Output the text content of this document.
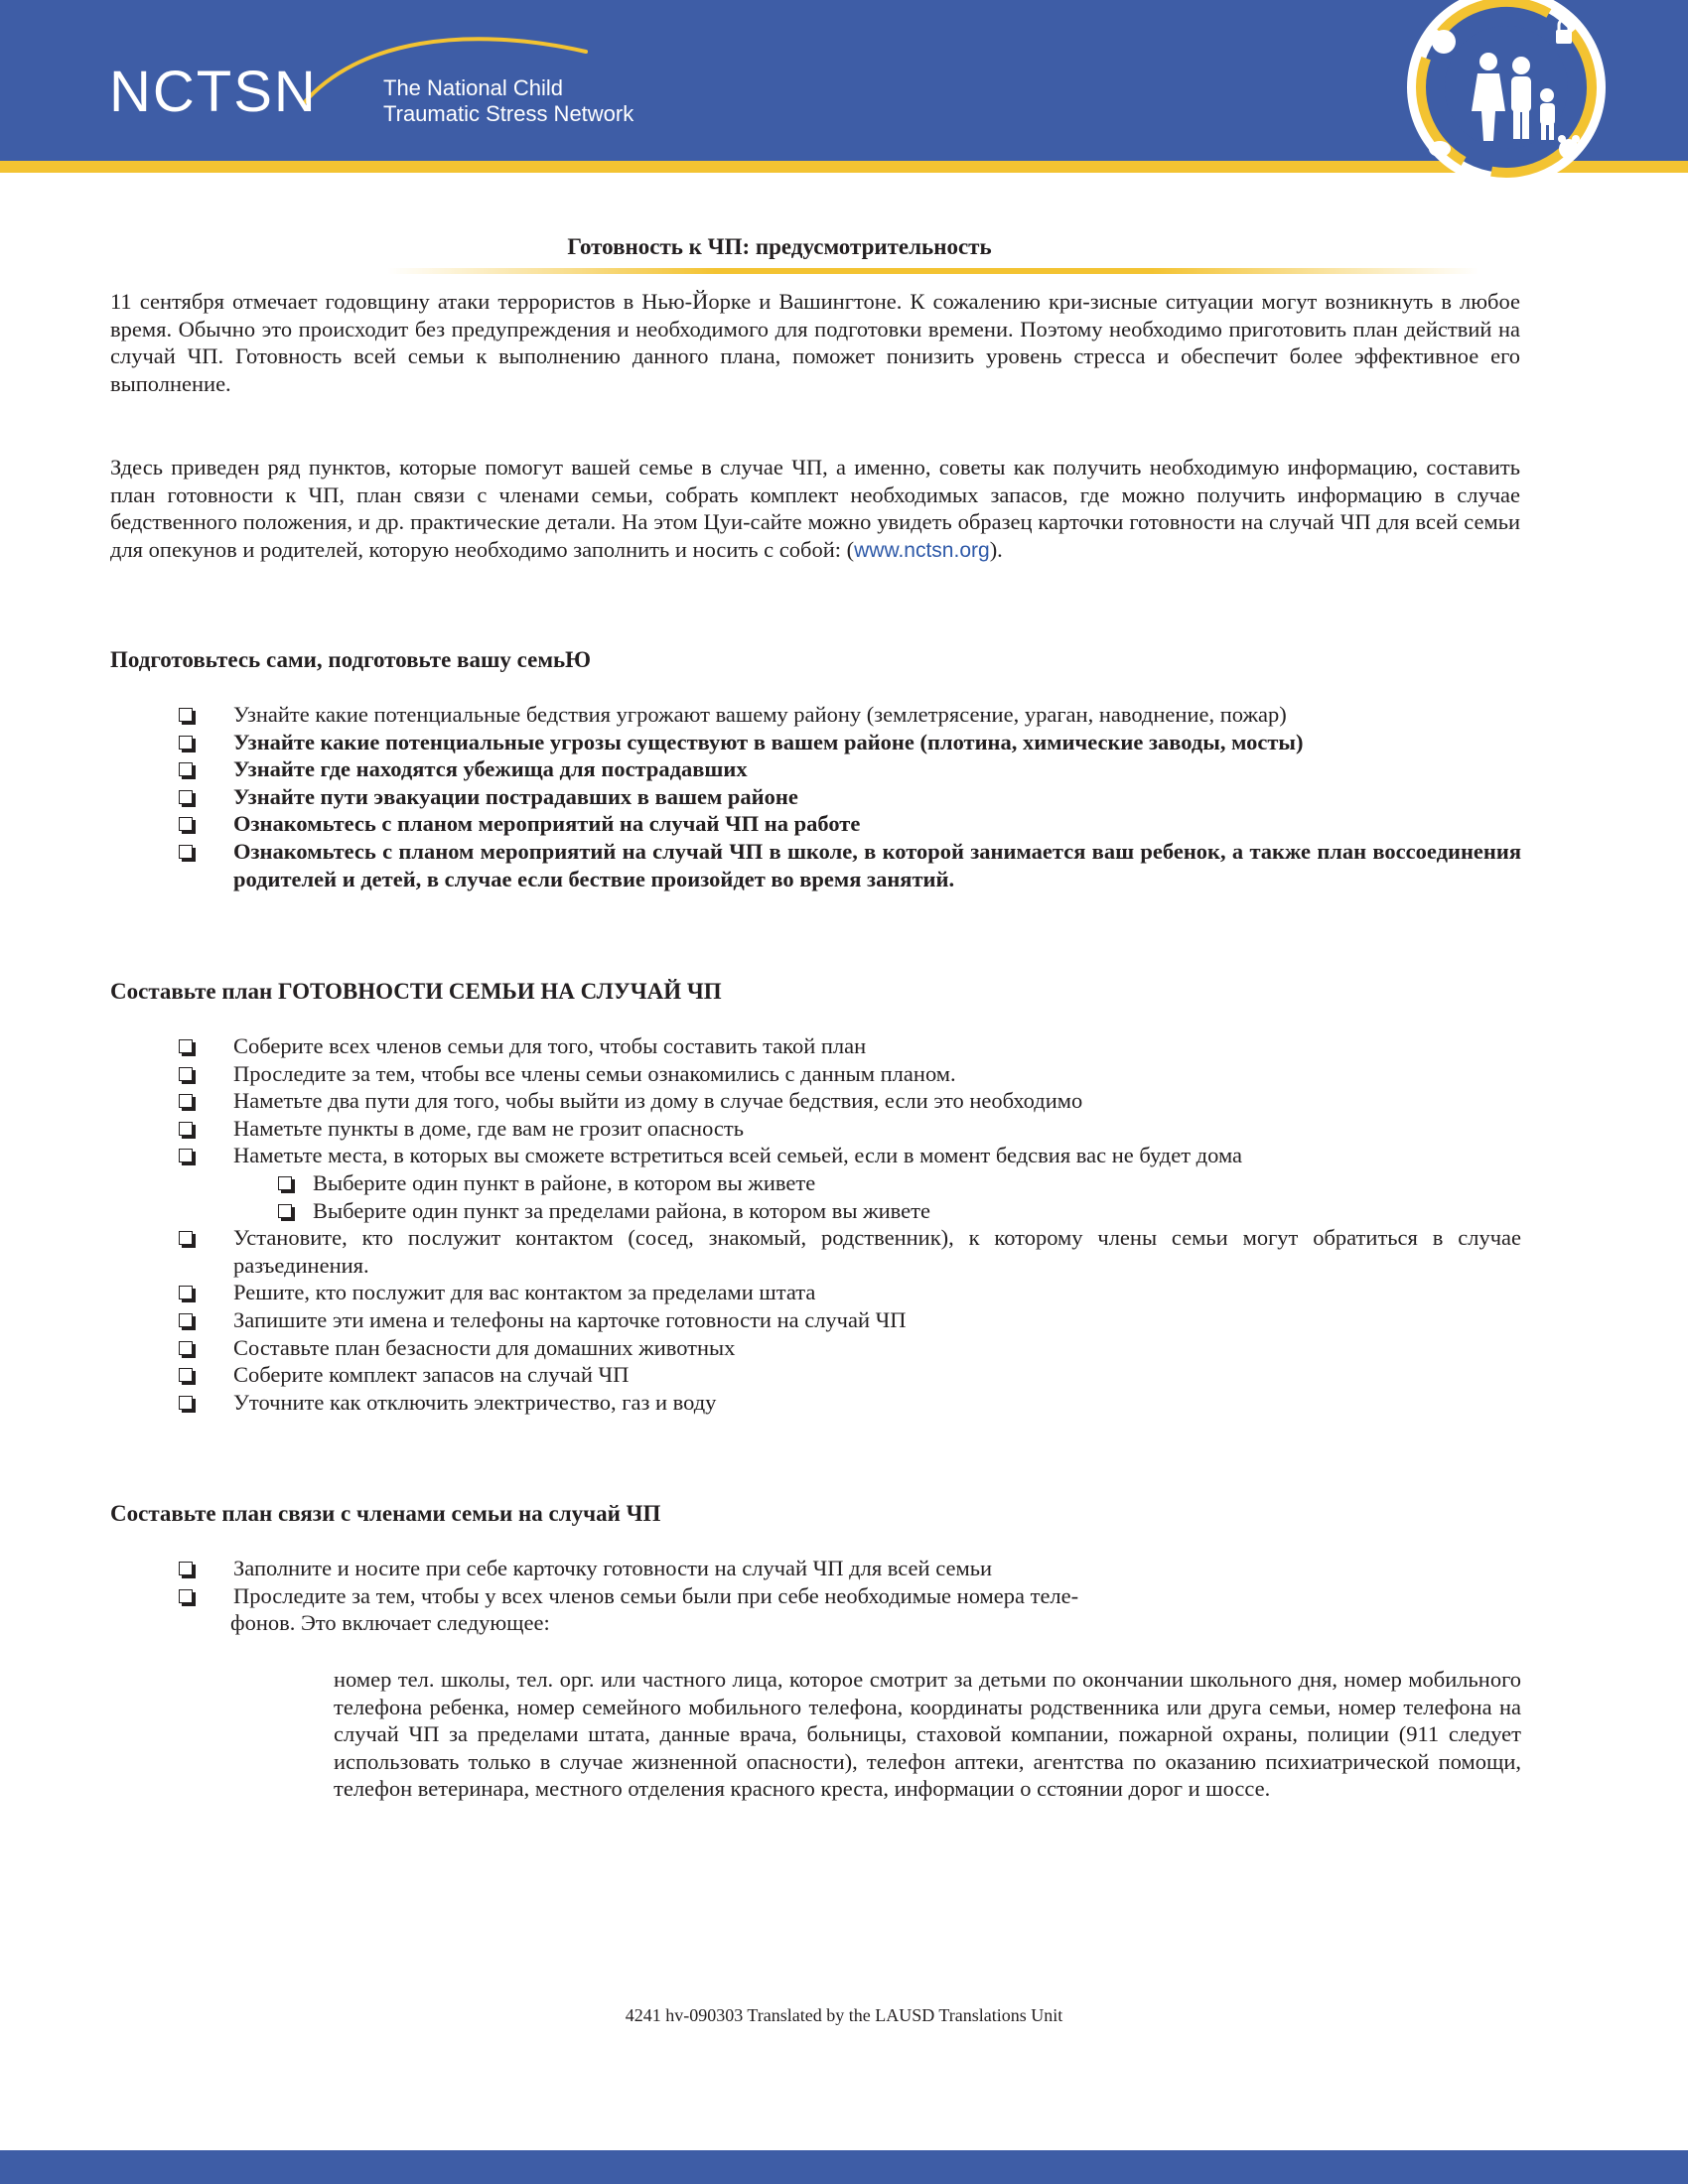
NCTSN	The National Child
Traumatic Stress Network
Готовность к ЧП: предусмотрительность
11 сентября отмечает годовщину атаки террористов в Нью-Йорке и Вашингтоне. К сожалению кри-зисные ситуации могут возникнуть в любое время. Обычно это происходит без предупреждения и необходимого для подготовки времени. Поэтому необходимо приготовить план действий на случай ЧП. Готовность всей семьи к выполнению данного плана, поможет понизить уровень стресса и обеспечит более эффективное его выполнение.
Здесь приведен ряд пунктов, которые помогут вашей семье в случае ЧП, а именно, советы как получить необходимую информацию, составить план готовности к ЧП, план связи с членами семьи, собрать комплект необходимых запасов, где можно получить информацию в случае бедственного положения, и др. практические детали. На этом Цуи-сайте можно увидеть образец карточки готовности на случай ЧП для всей семьи для опекунов и родителей, которую необходимо заполнить и носить с собой: (www.nctsn.org).
Подготовьтесь сами, подготовьте вашу семьЮ
Узнайте какие потенциальные бедствия угрожают вашему району (землетрясение, ураган, наводнение, пожар)
Узнайте какие потенциальные угрозы существуют в вашем районе (плотина, химические заводы, мосты)
Узнайте где находятся убежища для пострадавших
Узнайте пути эвакуации пострадавших в вашем районе
Ознакомьтесь с планом мероприятий на случай ЧП на работе
Ознакомьтесь с планом мероприятий на случай ЧП в школе, в которой занимается ваш ребенок, а также план воссоединения родителей и детей, в случае если бествие произойдет во время занятий.
Составьте план ГОТОВНОСТИ СЕМЬИ НА СЛУЧАЙ ЧП
Соберите всех членов семьи для того, чтобы составить такой план
Проследите за тем, чтобы все члены семьи ознакомились с данным планом.
Наметьте два пути для того, чобы выйти из дому в случае бедствия, если это необходимо
Наметьте пункты в доме, где вам не грозит опасность
Наметьте места, в которых вы сможете встретиться всей семьей, если в момент бедсвия вас не будет дома
Выберите один пункт в районе, в котором вы живете
Выберите один пункт за пределами района, в котором вы живете
Установите, кто послужит контактом (сосед, знакомый, родственник), к которому члены семьи могут обратиться в случае разъединения.
Решите, кто послужит для вас контактом за пределами штата
Запишите эти имена и телефоны на карточке готовности на случай ЧП
Составьте план безасности для домашних животных
Соберите комплект запасов на случай ЧП
Уточните как отключить электричество, газ и воду
Составьте план связи с членами семьи на случай ЧП
Заполните и носите при себе карточку готовности на случай ЧП для всей семьи
Проследите за тем, чтобы у всех членов семьи были при себе необходимые номера теле-
фонов. Это включает следующее:
номер тел. школы, тел. орг. или частного лица, которое смотрит за детьми по окончании школьного дня, номер мобильного телефона ребенка, номер семейного мобильного телефона, координаты родственника или друга семьи, номер телефона на случай ЧП за пределами штата, данные врача, больницы, стаховой компании, пожарной охраны, полиции (911 следует использовать только в случае жизненной опасности), телефон аптеки, агентства по оказанию психиатрической помощи, телефон ветеринара, местного отделения красного креста, информации о сстоянии дорог и шоссе.
4241 hv-090303 Translated by the LAUSD Translations Unit
